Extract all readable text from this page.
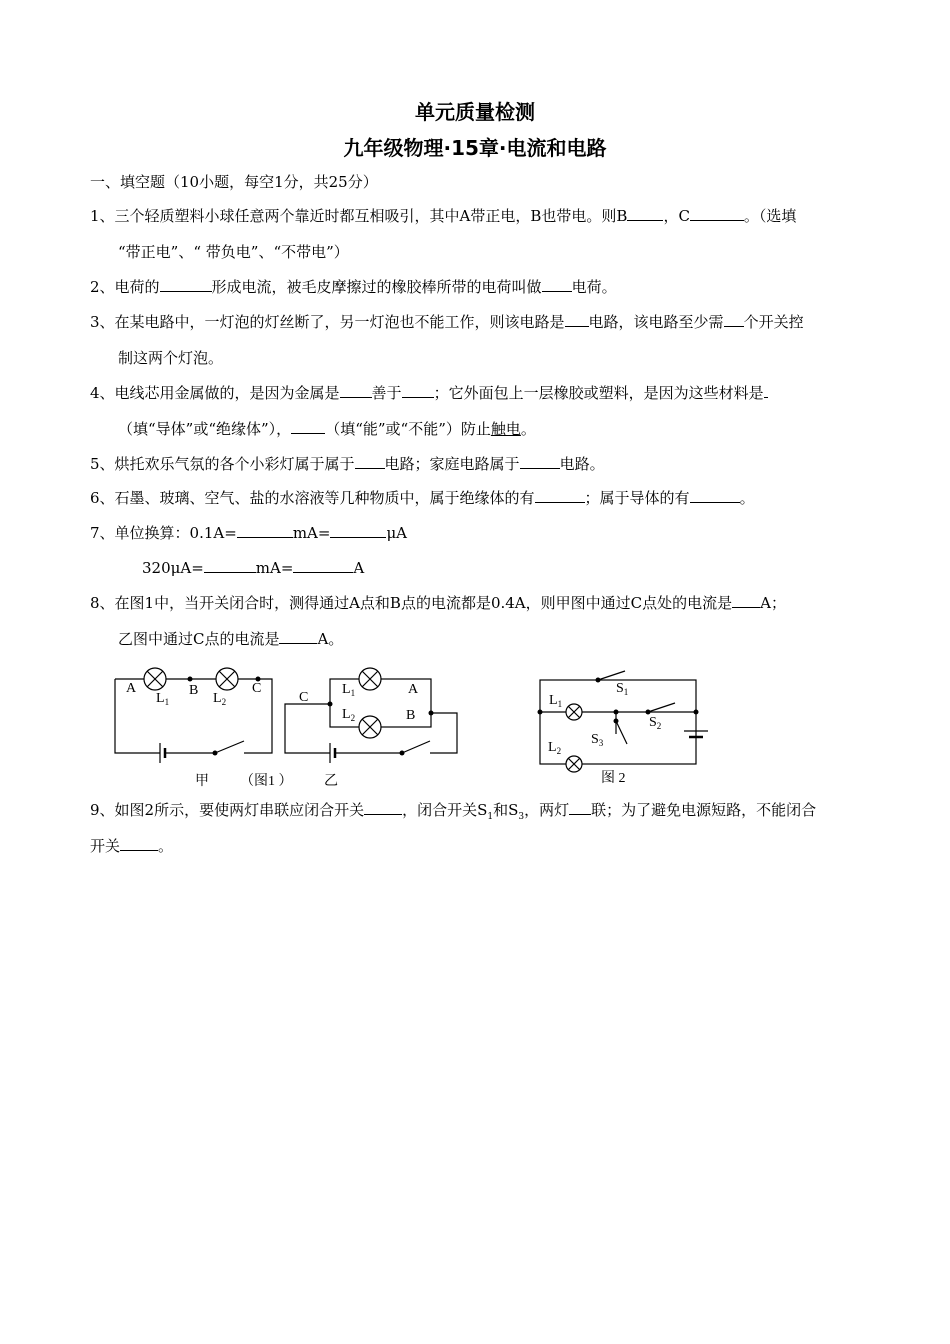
单元质量检测
九年级物理·15章·电流和电路
一、填空题（10小题，每空1分，共25分）
1、三个轻质塑料小球任意两个靠近时都互相吸引，其中A带正电，B也带电。则B ，C	。（选填
“带正电”、“ 带负电”、“不带电”）
2、电荷的	形成电流，被毛皮摩擦过的橡胶棒所带的电荷叫做 电荷。
3、在某电路中，一灯泡的灯丝断了，另一灯泡也不能工作，则该电路是 电路，该电路至少需 个开关控
制这两个灯泡。
4、电线芯用金属做的，是因为金属是 善于 ；它外面包上一层橡胶或塑料，是因为这些材料是
（填“导体”或“绝缘体”）， （填“能”或“不能”）防止触电。
5、烘托欢乐气氛的各个小彩灯属于属于 电路；家庭电路属于	电路。
6、石墨、玻璃、空气、盐的水溶液等几种物质中，属于绝缘体的有	；属于导体的有	。
7、单位换算：0.1A=	mA=	μA
320μA=	mA=	A
8、在图1中，当开关闭合时，测得通过A点和B点的电流都是0.4A，则甲图中通过C点处的电流是 A；
乙图中通过C点的电流是	A。
A
$L_1$
B
$L_2$
C
C
$L_1$	A
$L_2$	B
甲 （图1 ） 乙
$S_1$
$L_1$
$S_2$
$S_3$
$L_2$
图 2
9、如图2所示，要使两灯串联应闭合开关	，闭合开关$S_1$和$S_3$，两灯 联；为了避免电源短路，不能闭合
开关	。
